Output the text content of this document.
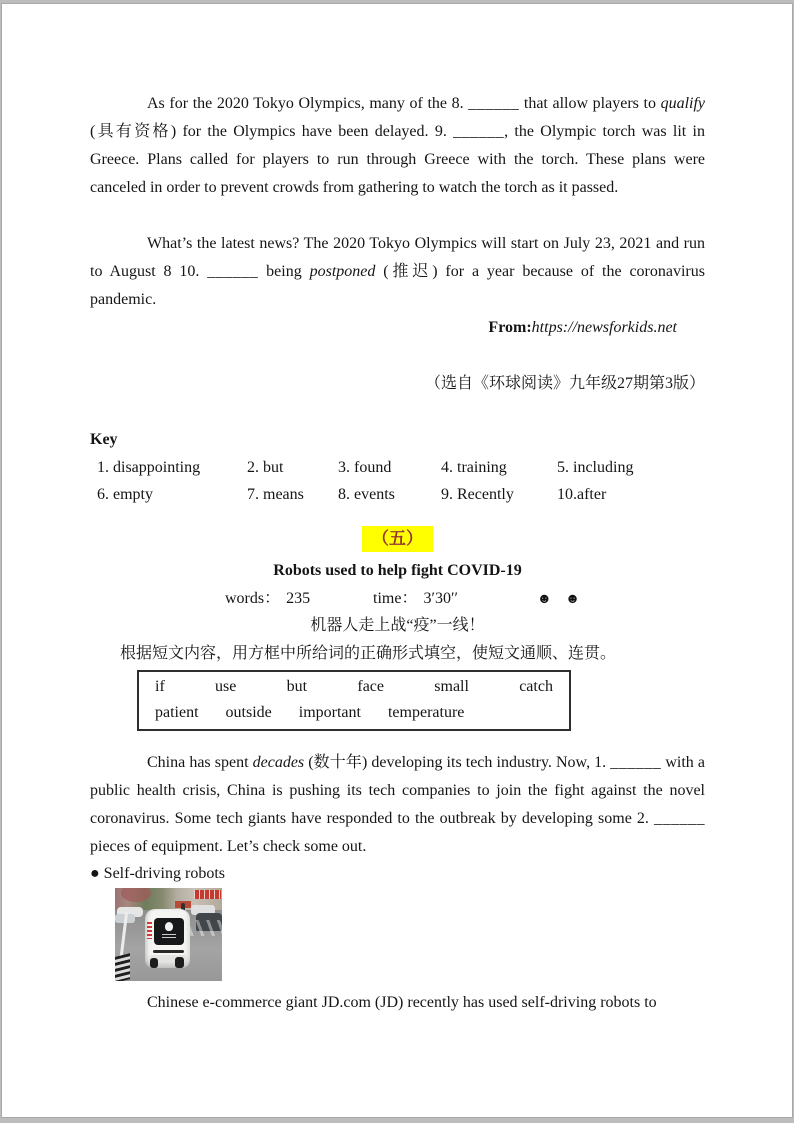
As for the 2020 Tokyo Olympics, many of the 8. ______ that allow players to qualify (具有资格) for the Olympics have been delayed. 9. ______, the Olympic torch was lit in Greece. Plans called for players to run through Greece with the torch. These plans were canceled in order to prevent crowds from gathering to watch the torch as it passed.
What’s the latest news? The 2020 Tokyo Olympics will start on July 23, 2021 and run to August 8 10. ______ being postponed (推迟) for a year because of the coronavirus pandemic.
From:https://newsforkids.net
（选自《环球阅读》九年级27期第3版）
Key
1. disappointing	2. but	3. found	4. training	5. including
6. empty	7. means	8. events	9. Recently	10.after
（五）
Robots used to help fight COVID-19
words： 235	time： 3′30′′	☻ ☻
机器人走上战“疫”一线！
根据短文内容，用方框中所给词的正确形式填空，使短文通顺、连贯。
if	use	but	face	small	catch
patient outside important temperature
China has spent decades (数十年) developing its tech industry. Now, 1. ______ with a public health crisis, China is pushing its tech companies to join the fight against the novel coronavirus. Some tech giants have responded to the outbreak by developing some 2. ______ pieces of equipment. Let’s check some out.
● Self-driving robots
Chinese e-commerce giant JD.com (JD) recently has used self-driving robots to
